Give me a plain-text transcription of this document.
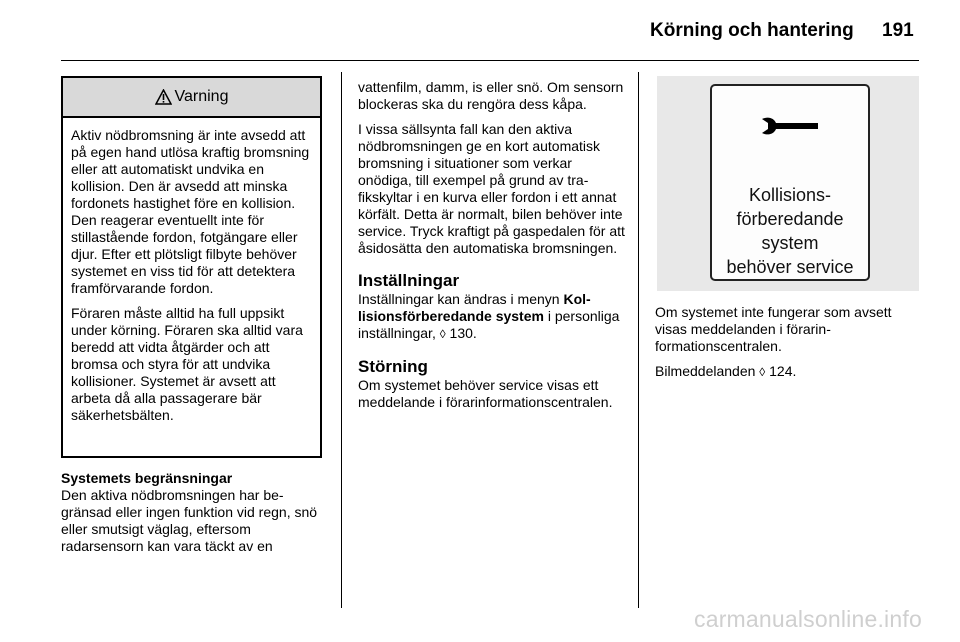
Körning och hantering 191
Varning

Aktiv nödbromsning är inte avsedd att på egen hand utlösa kraftig bromsning eller att automatiskt undvika en kollision. Den är avsedd att minska fordonets hastighet före en kollision. Den reagerar eventuellt inte för stillastående fordon, fotgängare eller djur. Efter ett plötsligt filbyte behöver systemet en viss tid för att detektera framförvarande fordon.

Föraren måste alltid ha full uppsikt under körning. Föraren ska alltid vara beredd att vidta åtgärder och att bromsa och styra för att undvika kollisioner. Systemet är avsett att arbeta då alla passagerare bär säkerhetsbälten.

Systemets begränsningar
Den aktiva nödbromsningen har begränsad eller ingen funktion vid regn, snö eller smutsigt väglag, eftersom radarsensorn kan vara täckt av en

vattenfilm, damm, is eller snö. Om sensorn blockeras ska du rengöra dess kåpa.

I vissa sällsynta fall kan den aktiva nödbromsningen ge en kort automatisk bromsning i situationer som verkar onödiga, till exempel på grund av trafikskyltar i en kurva eller fordon i ett annat körfält. Detta är normalt, bilen behöver inte service. Tryck kraftigt på gaspedalen för att åsidosätta den automatiska bromsningen.

Inställningar

Inställningar kan ändras i menyn Kollisionsförberedande system i personliga inställningar, ◊ 130.

Störning

Om systemet behöver service visas ett meddelande i förarinformationscentralen.

Kollisions-
förberedande
system
behöver service

Om systemet inte fungerar som avsett visas meddelanden i förarinformationscentralen.

Bilmeddelanden ◊ 124.

carmanualsonline.info
